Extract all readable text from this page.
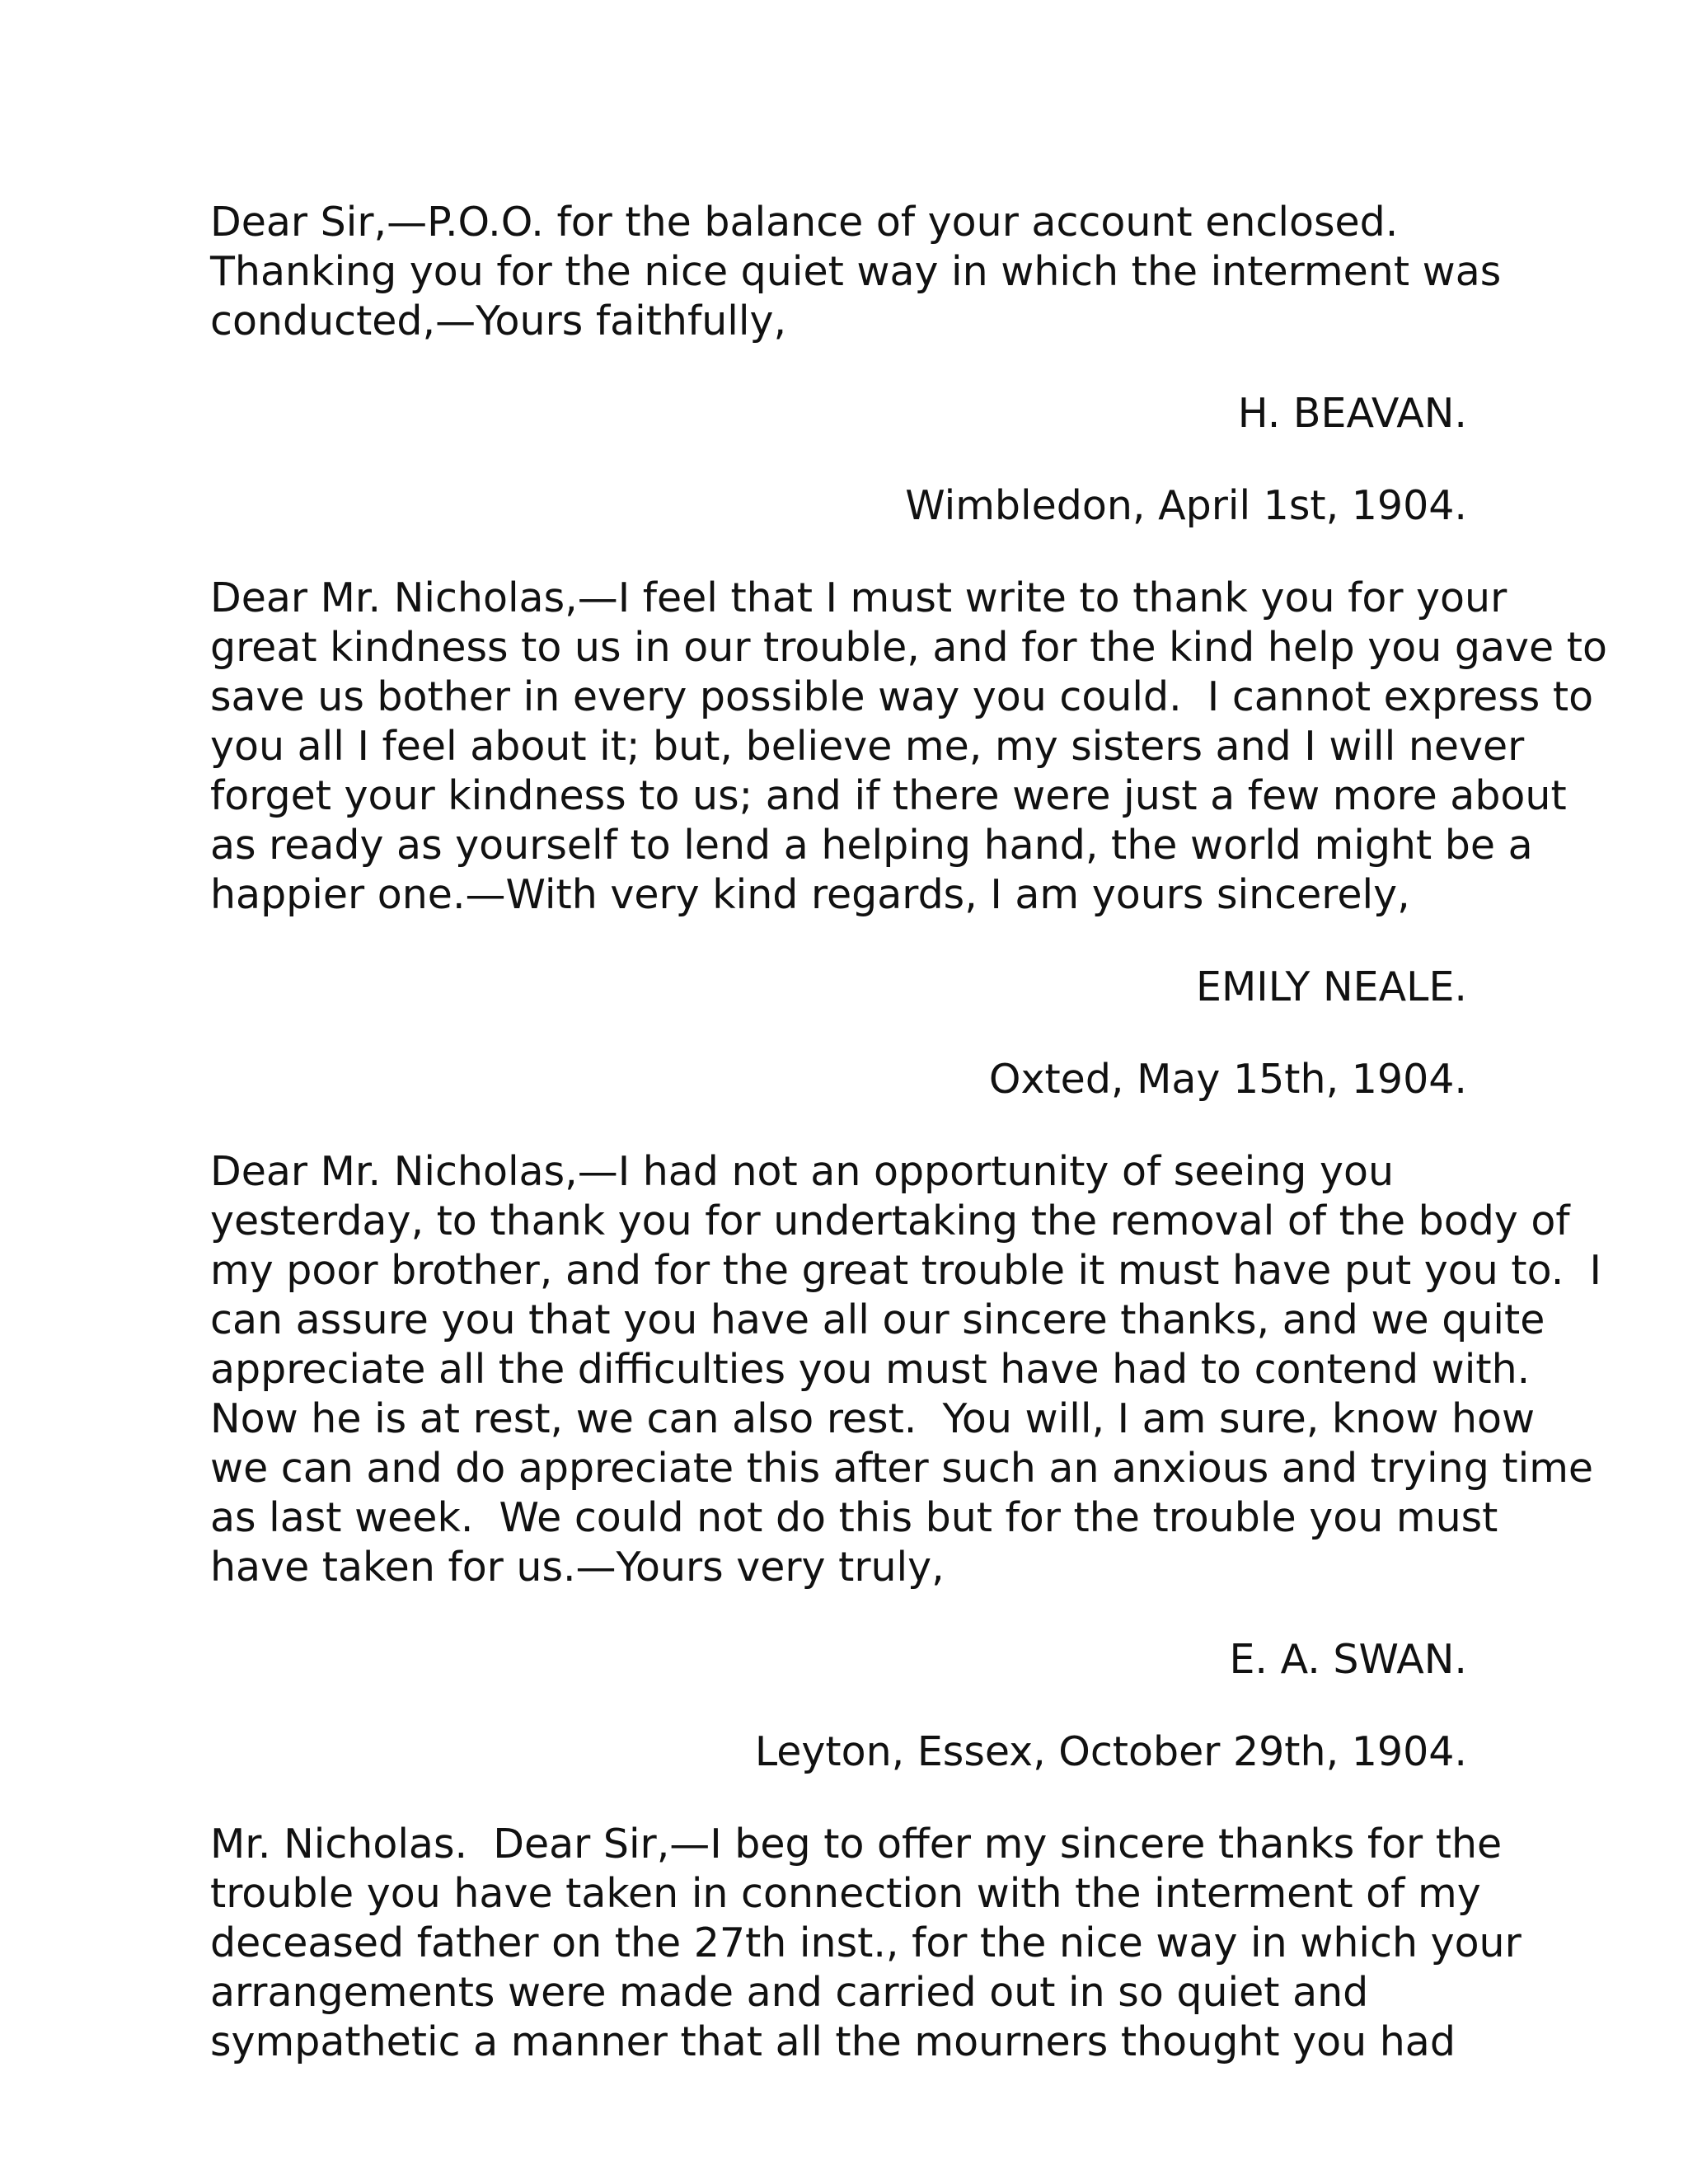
Dear Sir,—P.O.O. for the balance of your account enclosed.
Thanking you for the nice quiet way in which the interment was
conducted,—Yours faithfully,
H. BEAVAN.
Wimbledon, April 1st, 1904.
Dear Mr. Nicholas,—I feel that I must write to thank you for your
great kindness to us in our trouble, and for the kind help you gave to
save us bother in every possible way you could.  I cannot express to
you all I feel about it; but, believe me, my sisters and I will never
forget your kindness to us; and if there were just a few more about
as ready as yourself to lend a helping hand, the world might be a
happier one.—With very kind regards, I am yours sincerely,
EMILY NEALE.
Oxted, May 15th, 1904.
Dear Mr. Nicholas,—I had not an opportunity of seeing you
yesterday, to thank you for undertaking the removal of the body of
my poor brother, and for the great trouble it must have put you to.  I
can assure you that you have all our sincere thanks, and we quite
appreciate all the difficulties you must have had to contend with.
Now he is at rest, we can also rest.  You will, I am sure, know how
we can and do appreciate this after such an anxious and trying time
as last week.  We could not do this but for the trouble you must
have taken for us.—Yours very truly,
E. A. SWAN.
Leyton, Essex, October 29th, 1904.
Mr. Nicholas.  Dear Sir,—I beg to offer my sincere thanks for the
trouble you have taken in connection with the interment of my
deceased father on the 27th inst., for the nice way in which your
arrangements were made and carried out in so quiet and
sympathetic a manner that all the mourners thought you had
